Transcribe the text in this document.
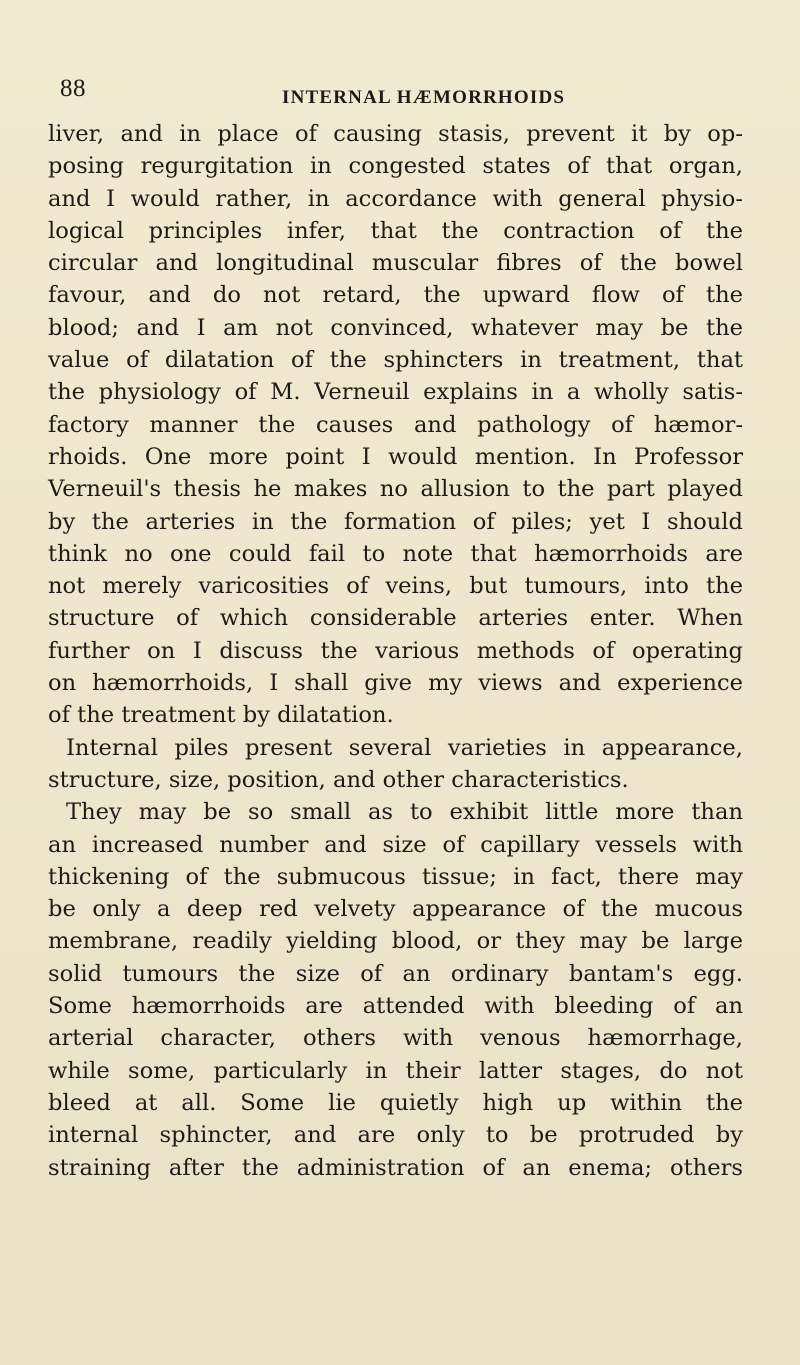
88	INTERNAL HÆMORRHOIDS
liver, and in place of causing stasis, prevent it by op-
posing regurgitation in congested states of that organ,
and I would rather, in accordance with general physio-
logical principles infer, that the contraction of the
circular and longitudinal muscular fibres of the bowel
favour, and do not retard, the upward flow of the
blood; and I am not convinced, whatever may be the
value of dilatation of the sphincters in treatment, that
the physiology of M. Verneuil explains in a wholly satis-
factory manner the causes and pathology of hæmor-
rhoids. One more point I would mention. In Professor
Verneuil's thesis he makes no allusion to the part played
by the arteries in the formation of piles; yet I should
think no one could fail to note that hæmorrhoids are
not merely varicosities of veins, but tumours, into the
structure of which considerable arteries enter. When
further on I discuss the various methods of operating
on hæmorrhoids, I shall give my views and experience
of the treatment by dilatation.
Internal piles present several varieties in appearance,
structure, size, position, and other characteristics.
They may be so small as to exhibit little more than
an increased number and size of capillary vessels with
thickening of the submucous tissue; in fact, there may
be only a deep red velvety appearance of the mucous
membrane, readily yielding blood, or they may be large
solid tumours the size of an ordinary bantam's egg.
Some hæmorrhoids are attended with bleeding of an
arterial character, others with venous hæmorrhage,
while some, particularly in their latter stages, do not
bleed at all. Some lie quietly high up within the
internal sphincter, and are only to be protruded by
straining after the administration of an enema; others
